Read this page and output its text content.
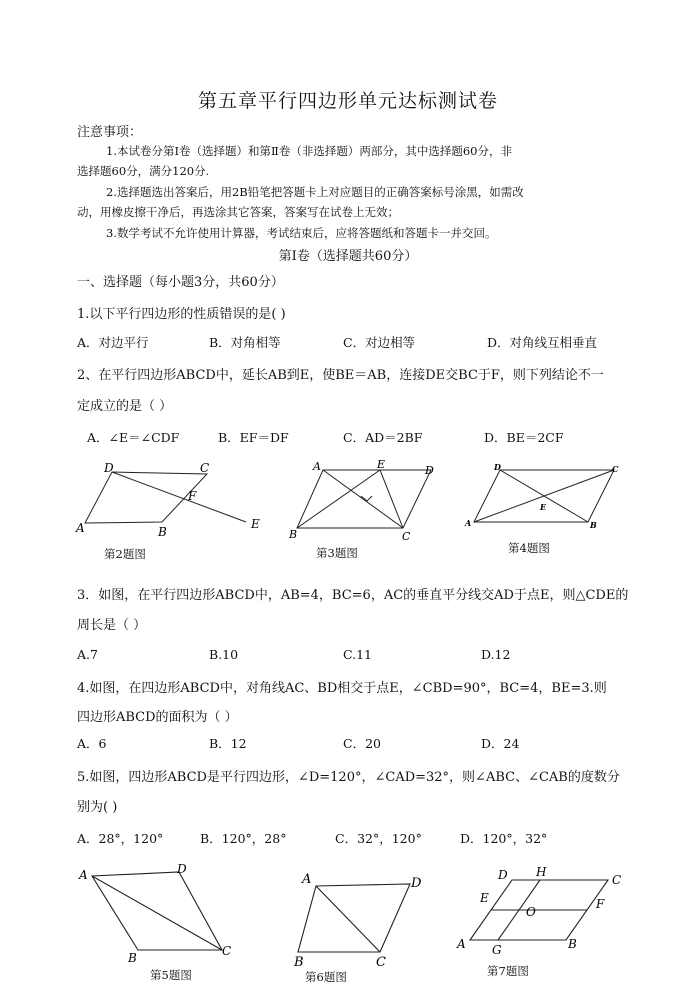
第五章平行四边形单元达标测试卷
注意事项：
1.本试卷分第Ⅰ卷（选择题）和第Ⅱ卷（非选择题）两部分，其中选择题60分，非
选择题60分，满分120分.
2.选择题选出答案后，用2B铅笔把答题卡上对应题目的正确答案标号涂黑，如需改
动，用橡皮擦干净后，再选涂其它答案，答案写在试卷上无效；
3.数学考试不允许使用计算器，考试结束后，应将答题纸和答题卡一并交回。
第Ⅰ卷（选择题共60分）
一、选择题（每小题3分，共60分）
1.以下平行四边形的性质错误的是( )
A．对边平行	B．对角相等	C．对边相等	D．对角线互相垂直
2、在平行四边形ABCD中，延长AB到E，使BE＝AB，连接DE交BC于F，则下列结论不一
定成立的是（ ）
A．∠E＝∠CDF	B．EF＝DF	C．AD＝2BF	D．BE＝2CF
D	C
F
A	B
E
第2题图
A	E	D
B	C
第3题图
D	C
E
A	B
第4题图
3．如图，在平行四边形ABCD中，AB=4，BC=6，AC的垂直平分线交AD于点E，则△CDE的
周长是（ ）
A.7	B.10	C.11	D.12
4.如图，在四边形ABCD中，对角线AC、BD相交于点E，∠CBD=90°，BC=4，BE=3.则
四边形ABCD的面积为（ ）
A．6	B．12	C．20	D．24
5.如图，四边形ABCD是平行四边形，∠D=120°，∠CAD=32°，则∠ABC、∠CAB的度数分
别为( )
A．28°，120°	B．120°，28°	C．32°，120°	D．120°，32°
A	D
B	C
第5题图
A	D
B	C
第6题图
D H
C
E
O
F
A G	B
第7题图
